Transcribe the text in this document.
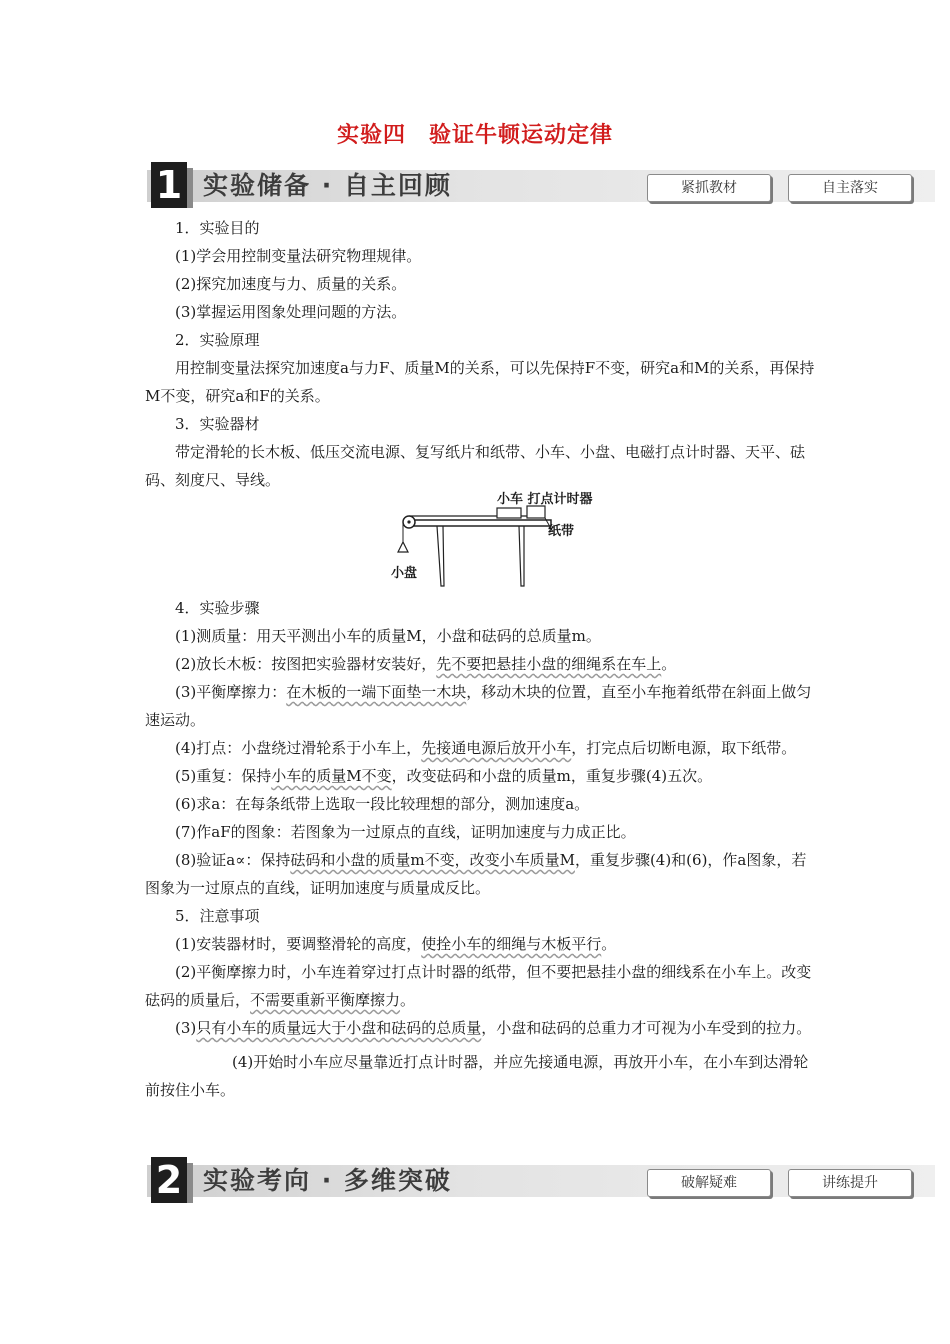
实验四　验证牛顿运动定律
1 实验储备 · 自主回顾	紧抓教材	自主落实

1．实验目的

(1)学会用控制变量法研究物理规律。

(2)探究加速度与力、质量的关系。

(3)掌握运用图象处理问题的方法。

2．实验原理

用控制变量法探究加速度a与力F、质量M的关系，可以先保持F不变，研究a和M的关系，再保持M不变，研究a和F的关系。

3．实验器材

带定滑轮的长木板、低压交流电源、复写纸片和纸带、小车、小盘、电磁打点计时器、天平、砝码、刻度尺、导线。

小车 打点计时器
纸带
小盘

4．实验步骤

(1)测质量：用天平测出小车的质量M，小盘和砝码的总质量m。

(2)放长木板：按图把实验器材安装好，先不要把悬挂小盘的细绳系在车上。

(3)平衡摩擦力：在木板的一端下面垫一木块，移动木块的位置，直至小车拖着纸带在斜面上做匀速运动。

(4)打点：小盘绕过滑轮系于小车上，先接通电源后放开小车，打完点后切断电源，取下纸带。

(5)重复：保持小车的质量M不变，改变砝码和小盘的质量m，重复步骤(4)五次。

(6)求a：在每条纸带上选取一段比较理想的部分，测加速度a。

(7)作aF的图象：若图象为一过原点的直线，证明加速度与力成正比。

(8)验证a∝：保持砝码和小盘的质量m不变，改变小车质量M，重复步骤(4)和(6)，作a图象，若图象为一过原点的直线，证明加速度与质量成反比。

5．注意事项

(1)安装器材时，要调整滑轮的高度，使拴小车的细绳与木板平行。

(2)平衡摩擦力时，小车连着穿过打点计时器的纸带，但不要把悬挂小盘的细线系在小车上。改变砝码的质量后，不需要重新平衡摩擦力。

(3)只有小车的质量远大于小盘和砝码的总质量，小盘和砝码的总重力才可视为小车受到的拉力。

(4)开始时小车应尽量靠近打点计时器，并应先接通电源，再放开小车，在小车到达滑轮前按住小车。

2 实验考向 · 多维突破	破解疑难	讲练提升
